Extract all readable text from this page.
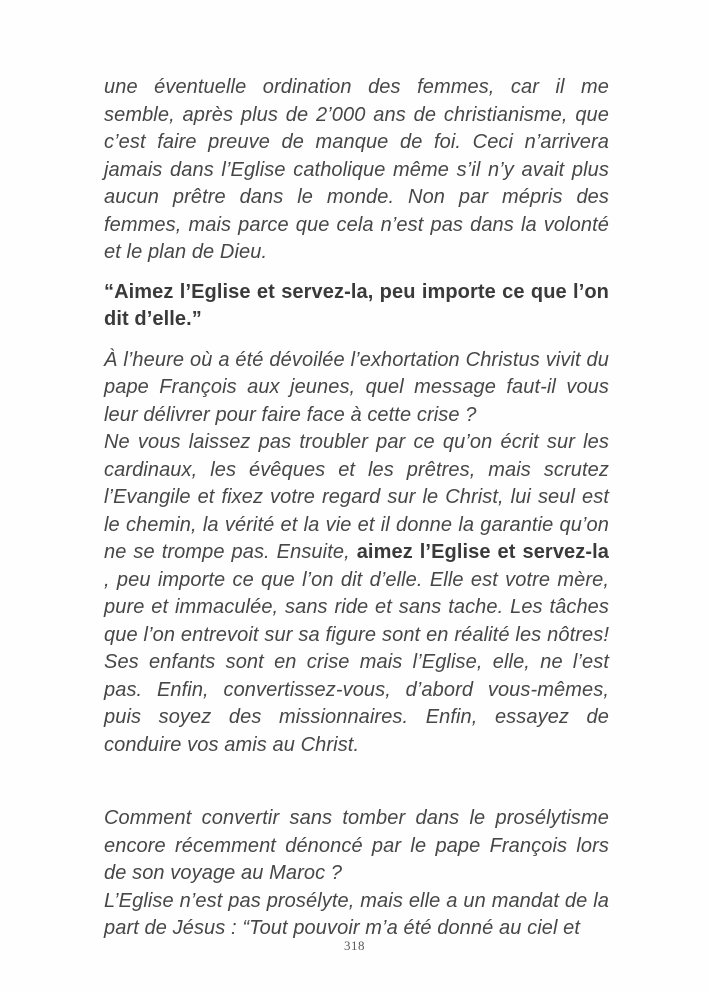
une éventuelle ordination des femmes, car il me semble, après plus de 2’000 ans de christianisme, que c’est faire preuve de manque de foi. Ceci n’arrivera jamais dans l’Eglise catholique même s’il n’y avait plus aucun prêtre dans le monde. Non par mépris des femmes, mais parce que cela n’est pas dans la volonté et le plan de Dieu.

“Aimez l’Eglise et servez-la, peu importe ce que l’on dit d’elle.”

À l’heure où a été dévoilée l’exhortation Christus vivit du pape François aux jeunes, quel message faut-il vous leur délivrer pour faire face à cette crise ?

Ne vous laissez pas troubler par ce qu’on écrit sur les cardinaux, les évêques et les prêtres, mais scrutez l’Evangile et fixez votre regard sur le Christ, lui seul est le chemin, la vérité et la vie et il donne la garantie qu’on ne se trompe pas. Ensuite, aimez l’Eglise et servez-la , peu importe ce que l’on dit d’elle. Elle est votre mère, pure et immaculée, sans ride et sans tache. Les tâches que l’on entrevoit sur sa figure sont en réalité les nôtres! Ses enfants sont en crise mais l’Eglise, elle, ne l’est pas. Enfin, convertissez-vous, d’abord vous-mêmes, puis soyez des missionnaires. Enfin, essayez de conduire vos amis au Christ.

Comment convertir sans tomber dans le prosélytisme encore récemment dénoncé par le pape François lors de son voyage au Maroc ?

L’Eglise n’est pas prosélyte, mais elle a un mandat de la part de Jésus : “Tout pouvoir m’a été donné au ciel et

318
